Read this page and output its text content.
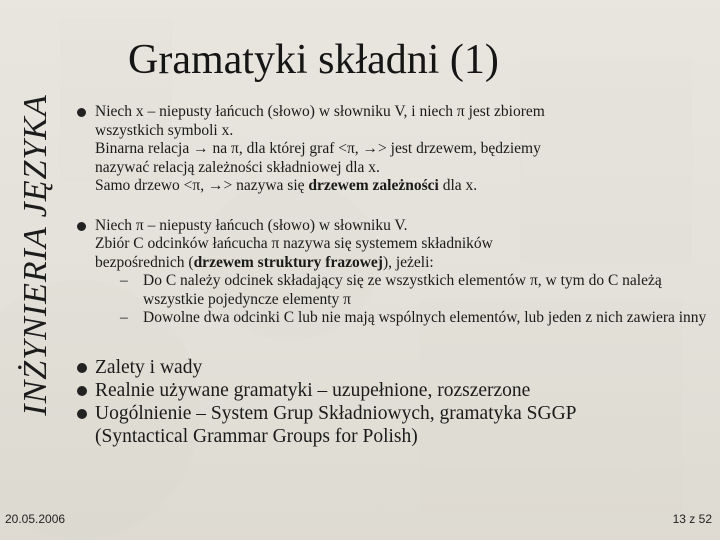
INŻYNIERIA JĘZYKA
Gramatyki składni (1)
Niech x – niepusty łańcuch (słowo) w słowniku V, i niech π jest zbiorem
wszystkich symboli x.
Binarna relacja → na π, dla której graf <π, →> jest drzewem, będziemy
nazywać relacją zależności składniowej dla x.
Samo drzewo <π, →> nazywa się drzewem zależności dla x.
Niech π – niepusty łańcuch (słowo) w słowniku V.
Zbiór C odcinków łańcucha π nazywa się systemem składników
bezpośrednich (drzewem struktury frazowej), jeżeli:
– Do C należy odcinek składający się ze wszystkich elementów π, w tym do C należą wszystkie pojedyncze elementy π
– Dowolne dwa odcinki C lub nie mają wspólnych elementów, lub jeden z nich zawiera inny
Zalety i wady
Realnie używane gramatyki – uzupełnione, rozszerzone
Uogólnienie – System Grup Składniowych, gramatyka SGGP
(Syntactical Grammar Groups for Polish)
20.05.2006	13 z 52
